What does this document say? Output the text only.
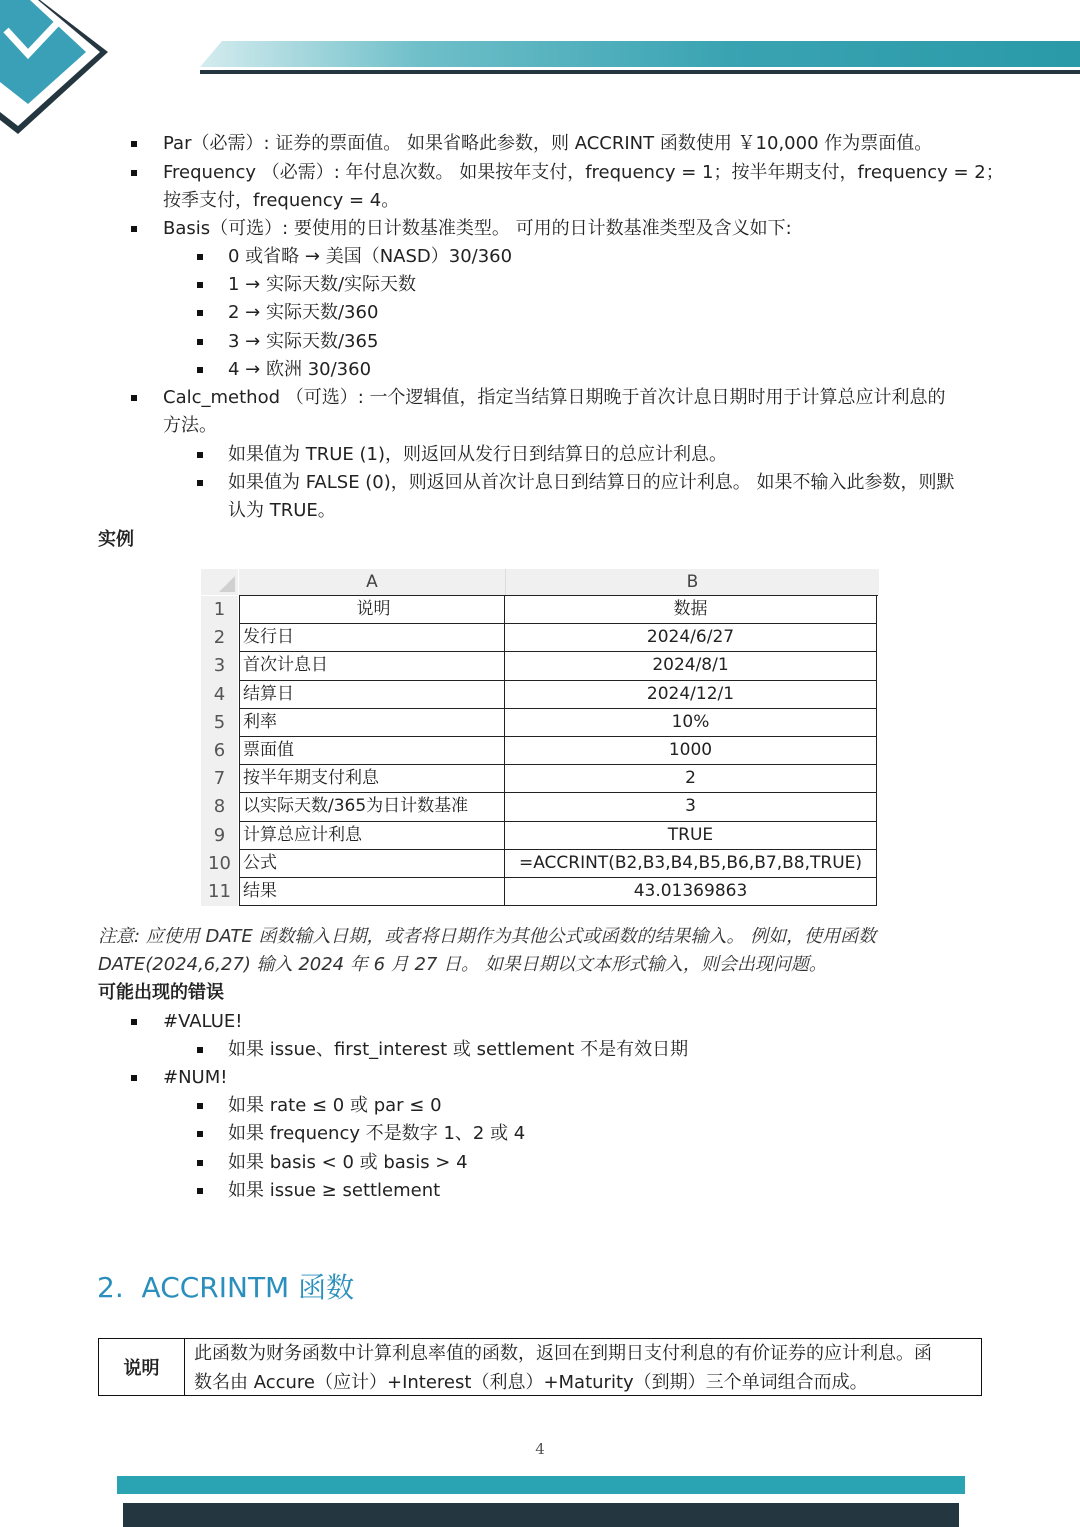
Par（必需）: 证券的票面值。 如果省略此参数，则 ACCRINT 函数使用 ￥10,000 作为票面值。
Frequency （必需）: 年付息次数。 如果按年支付，frequency = 1；按半年期支付，frequency = 2；
按季支付，frequency = 4。
Basis（可选）: 要使用的日计数基准类型。 可用的日计数基准类型及含义如下:
0 或省略 → 美国（NASD）30/360
1 → 实际天数/实际天数
2 → 实际天数/360
3 → 实际天数/365
4 → 欧洲 30/360
Calc_method （可选）: 一个逻辑值，指定当结算日期晚于首次计息日期时用于计算总应计利息的
方法。
如果值为 TRUE (1)，则返回从发行日到结算日的总应计利息。
如果值为 FALSE (0)，则返回从首次计息日到结算日的应计利息。 如果不输入此参数，则默
认为 TRUE。
实例
A	B
1	说明	数据
2	发行日	2024/6/27
3	首次计息日	2024/8/1
4	结算日	2024/12/1
5	利率	10%
6	票面值	1000
7	按半年期支付利息	2
8	以实际天数/365为日计数基准	3
9	计算总应计利息	TRUE
10 公式	=ACCRINT(B2,B3,B4,B5,B6,B7,B8,TRUE)
11 结果	43.01369863
注意: 应使用 DATE 函数输入日期，或者将日期作为其他公式或函数的结果输入。 例如，使用函数
DATE(2024,6,27) 输入 2024 年 6 月 27 日。 如果日期以文本形式输入，则会出现问题。
可能出现的错误
#VALUE!
如果 issue、first_interest 或 settlement 不是有效日期
#NUM!
如果 rate ≤ 0 或 par ≤ 0
如果 frequency 不是数字 1、2 或 4
如果 basis < 0 或 basis > 4
如果 issue ≥ settlement
2. ACCRINTM 函数
说明
此函数为财务函数中计算利息率值的函数，返回在到期日支付利息的有价证券的应计利息。函
数名由 Accure（应计）+Interest（利息）+Maturity（到期）三个单词组合而成。
4
